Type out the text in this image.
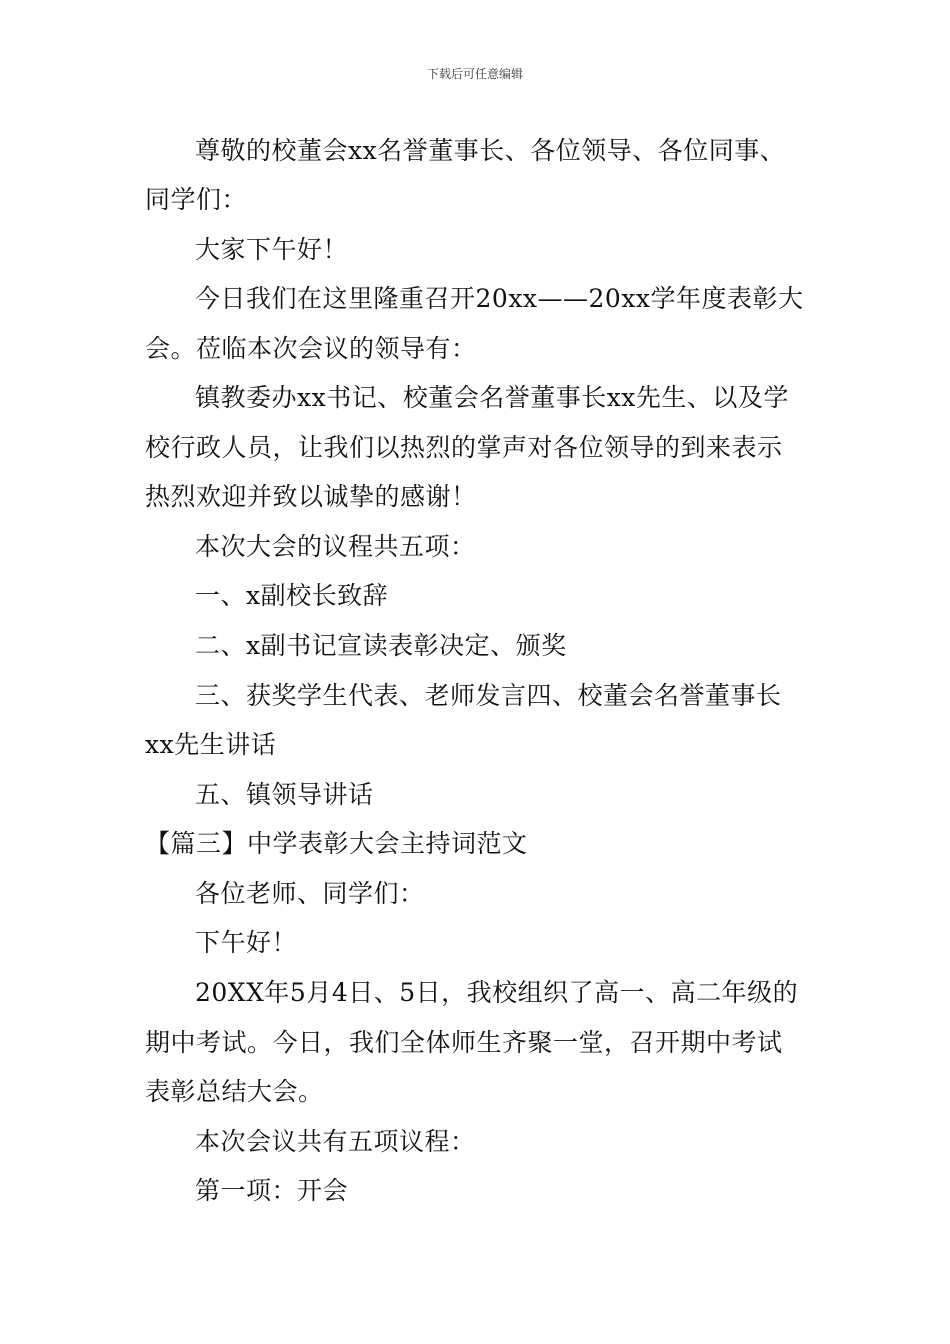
下载后可任意编辑
尊敬的校董会xx名誉董事长、各位领导、各位同事、
同学们：
大家下午好！
今日我们在这里隆重召开20xx——20xx学年度表彰大
会。莅临本次会议的领导有：
镇教委办xx书记、校董会名誉董事长xx先生、以及学
校行政人员，让我们以热烈的掌声对各位领导的到来表示
热烈欢迎并致以诚挚的感谢！
本次大会的议程共五项：
一、x副校长致辞
二、x副书记宣读表彰决定、颁奖
三、获奖学生代表、老师发言四、校董会名誉董事长
xx先生讲话
五、镇领导讲话
【篇三】中学表彰大会主持词范文
各位老师、同学们：
下午好！
20XX年5月4日、5日，我校组织了高一、高二年级的
期中考试。今日，我们全体师生齐聚一堂，召开期中考试
表彰总结大会。
本次会议共有五项议程：
第一项：开会
